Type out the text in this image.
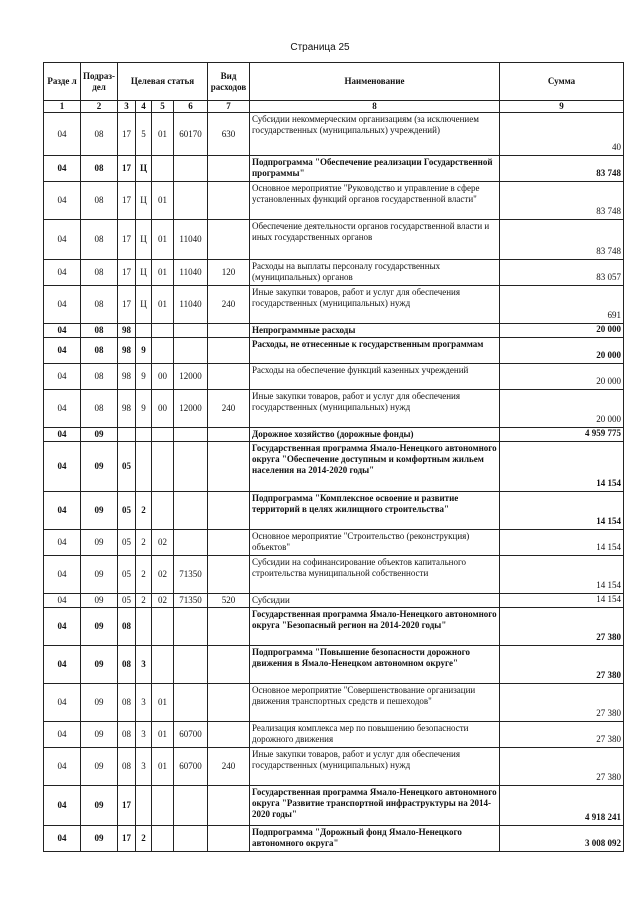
Страница 25
Разде л	Подраз- дел	Целевая статья				Вид расходов	Наименование	Сумма
1	2	3	4	5	6	7	8	9
04	08	17	5	01	60170	630	Субсидии некоммерческим организациям (за исключением государственных (муниципальных) учреждений)	40
04	08	17	Ц				Подпрограмма "Обеспечение реализации Государственной программы"	83 748
04	08	17	Ц	01			Основное мероприятие "Руководство и управление в сфере установленных функций органов государственной власти"	83 748
04	08	17	Ц	01	11040		Обеспечение деятельности органов государственной власти и иных государственных органов	83 748
04	08	17	Ц	01	11040	120	Расходы на выплаты персоналу государственных (муниципальных) органов	83 057
04	08	17	Ц	01	11040	240	Иные закупки товаров, работ и услуг для обеспечения государственных (муниципальных) нужд	691
04	08	98					Непрограммные расходы	20 000
04	08	98	9				Расходы, не отнесенные к государственным программам	20 000
04	08	98	9	00	12000		Расходы на обеспечение функций казенных учреждений	20 000
04	08	98	9	00	12000	240	Иные закупки товаров, работ и услуг для обеспечения государственных (муниципальных) нужд	20 000
04	09						Дорожное хозяйство (дорожные фонды)	4 959 775
04	09	05					Государственная программа Ямало-Ненецкого автономного округа "Обеспечение доступным и комфортным жильем населения на 2014-2020 годы"	14 154
04	09	05	2				Подпрограмма "Комплексное освоение и развитие территорий в целях жилищного строительства"	14 154
04	09	05	2	02			Основное мероприятие "Строительство (реконструкция) объектов"	14 154
04	09	05	2	02	71350		Субсидии на софинансирование объектов капитального строительства муниципальной собственности	14 154
04	09	05	2	02	71350	520	Субсидии	14 154
04	09	08					Государственная программа Ямало-Ненецкого автономного округа "Безопасный регион на 2014-2020 годы"	27 380
04	09	08	3				Подпрограмма "Повышение безопасности дорожного движения в Ямало-Ненецком автономном округе"	27 380
04	09	08	3	01			Основное мероприятие "Совершенствование организации движения транспортных средств и пешеходов"	27 380
04	09	08	3	01	60700		Реализация комплекса мер по повышению безопасности дорожного движения	27 380
04	09	08	3	01	60700	240	Иные закупки товаров, работ и услуг для обеспечения государственных (муниципальных) нужд	27 380
04	09	17					Государственная программа Ямало-Ненецкого автономного округа "Развитие транспортной инфраструктуры на 2014-2020 годы"	4 918 241
04	09	17	2				Подпрограмма "Дорожный фонд Ямало-Ненецкого автономного округа"	3 008 092
